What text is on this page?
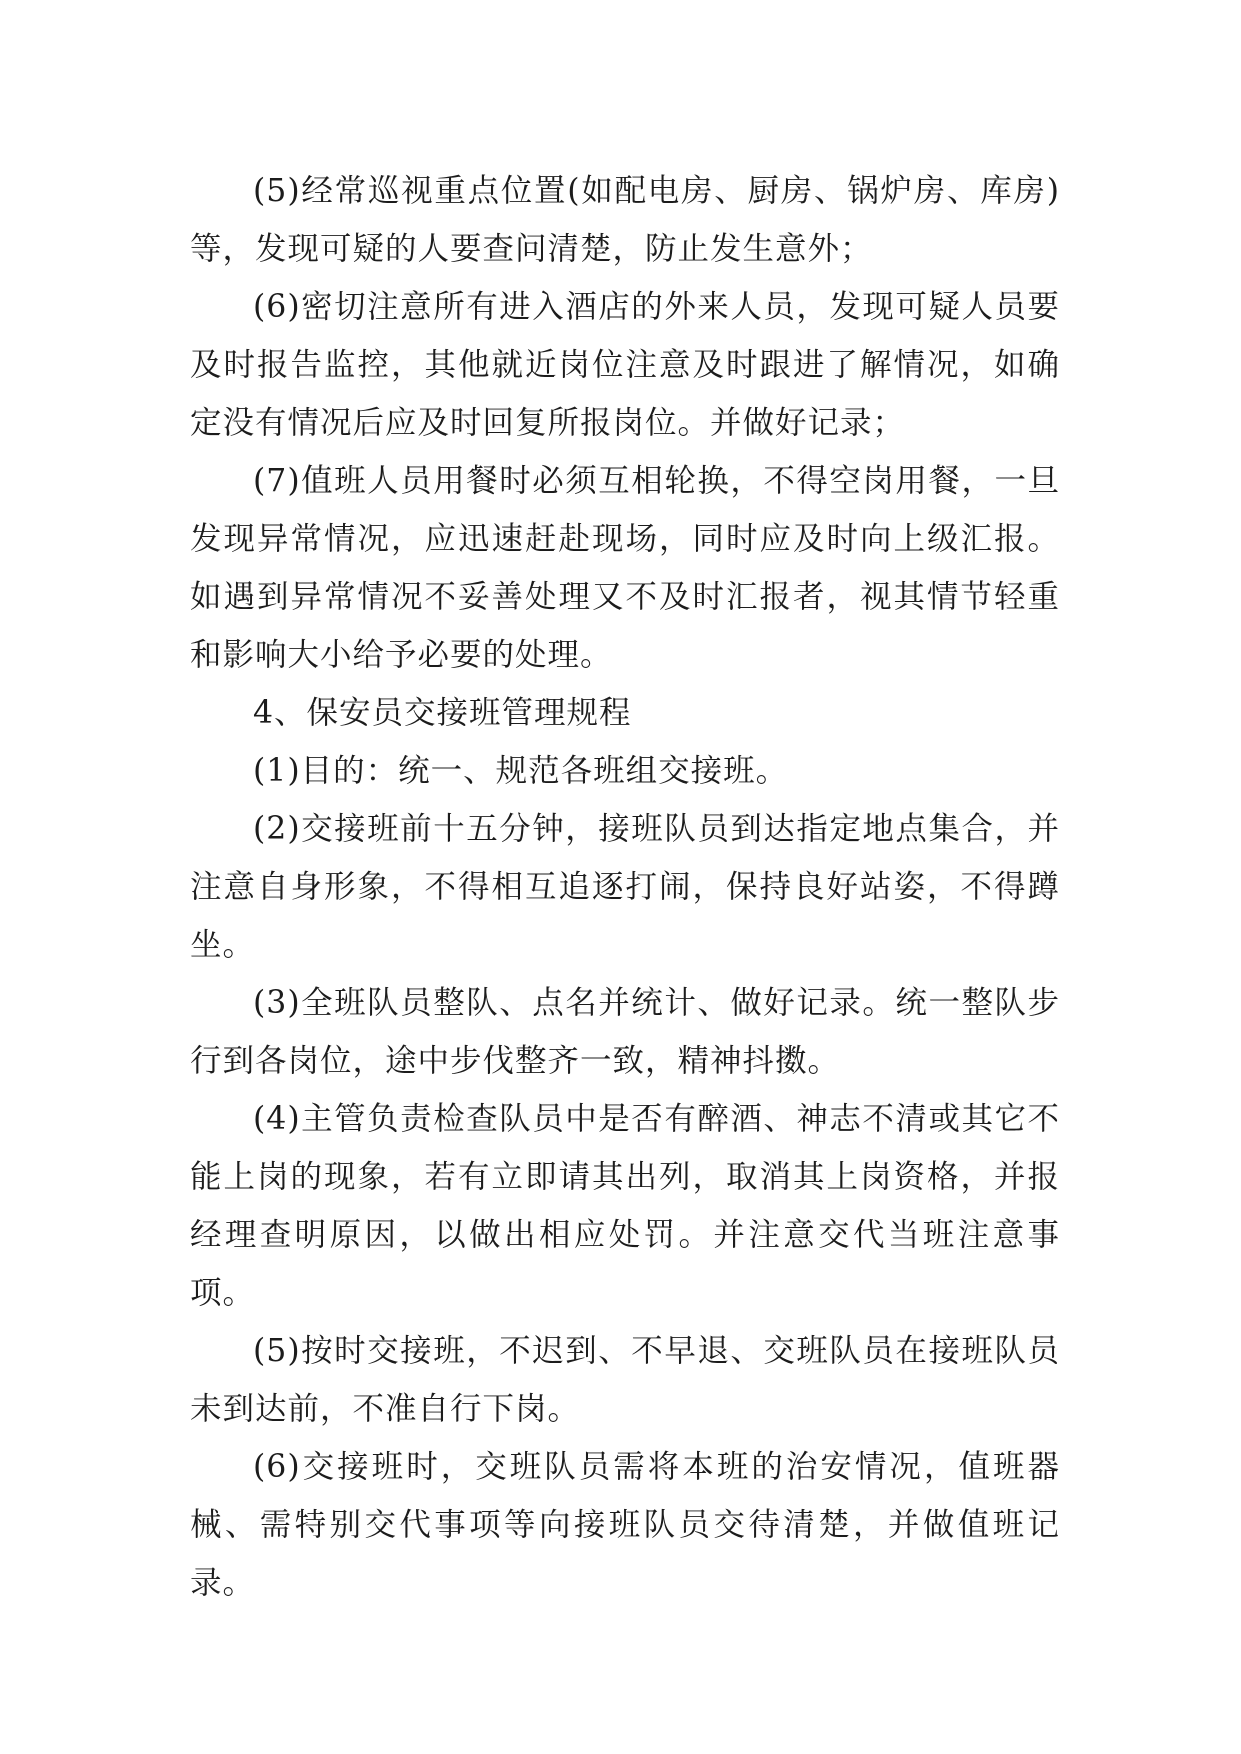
(5)经常巡视重点位置(如配电房、厨房、锅炉房、库房)等，发现可疑的人要查问清楚，防止发生意外；

(6)密切注意所有进入酒店的外来人员，发现可疑人员要及时报告监控，其他就近岗位注意及时跟进了解情况，如确定没有情况后应及时回复所报岗位。并做好记录；

(7)值班人员用餐时必须互相轮换，不得空岗用餐，一旦发现异常情况，应迅速赶赴现场，同时应及时向上级汇报。如遇到异常情况不妥善处理又不及时汇报者，视其情节轻重和影响大小给予必要的处理。

4、保安员交接班管理规程

(1)目的：统一、规范各班组交接班。

(2)交接班前十五分钟，接班队员到达指定地点集合，并注意自身形象，不得相互追逐打闹，保持良好站姿，不得蹲坐。

(3)全班队员整队、点名并统计、做好记录。统一整队步行到各岗位，途中步伐整齐一致，精神抖擞。

(4)主管负责检查队员中是否有醉酒、神志不清或其它不能上岗的现象，若有立即请其出列，取消其上岗资格，并报经理查明原因，以做出相应处罚。并注意交代当班注意事项。

(5)按时交接班，不迟到、不早退、交班队员在接班队员未到达前，不准自行下岗。

(6)交接班时，交班队员需将本班的治安情况，值班器械、需特别交代事项等向接班队员交待清楚，并做值班记录。
